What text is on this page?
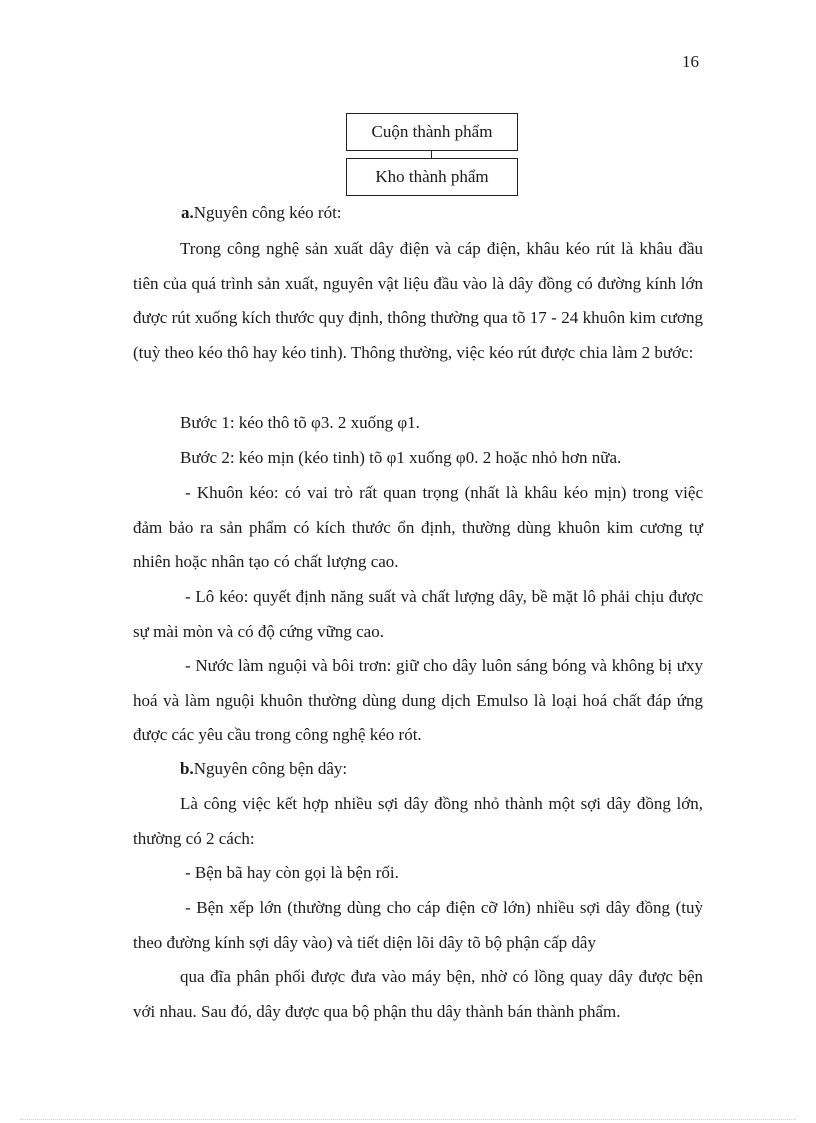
16
Cuộn thành phẩm
Kho thành phẩm

a.Nguyên công kéo rót:

Trong công nghệ sản xuất dây điện và cáp điện, khâu kéo rút là khâu đầu tiên của quá trình sản xuất, nguyên vật liệu đầu vào là dây đồng có đường kính lớn được rút xuống kích thước quy định, thông thường qua tõ 17 - 24 khuôn kim cương (tuỳ theo kéo thô hay kéo tinh). Thông thường, việc kéo rút được chia làm 2 bước:

Bước 1: kéo thô tõ φ3. 2 xuống φ1.

Bước 2: kéo mịn (kéo tinh) tõ φ1 xuống φ0. 2 hoặc nhỏ hơn nữa.

- Khuôn kéo: có vai trò rất quan trọng (nhất là khâu kéo mịn) trong việc đảm bảo ra sản phẩm có kích thước ổn định, thường dùng khuôn kim cương tự nhiên hoặc nhân tạo có chất lượng cao.

- Lô kéo: quyết định năng suất và chất lượng dây, bề mặt lô phải chịu được sự mài mòn và có độ cứng vững cao.

- Nước làm nguội và bôi trơn: giữ cho dây luôn sáng bóng và không bị ưxy hoá và làm nguội khuôn thường dùng dung dịch Emulso là loại hoá chất đáp ứng được các yêu cầu trong công nghệ kéo rót.

b.Nguyên công bện dây:

Là công việc kết hợp nhiều sợi dây đồng nhỏ thành một sợi dây đồng lớn, thường có 2 cách:

- Bện bã hay còn gọi là bện rối.

- Bện xếp lớn (thường dùng cho cáp điện cỡ lớn) nhiều sợi dây đồng (tuỳ theo đường kính sợi dây vào) và tiết diện lõi dây tõ bộ phận cấp dây

qua đĩa phân phối được đưa vào máy bện, nhờ có lồng quay dây được bện với nhau. Sau đó, dây được qua bộ phận thu dây thành bán thành phẩm.
